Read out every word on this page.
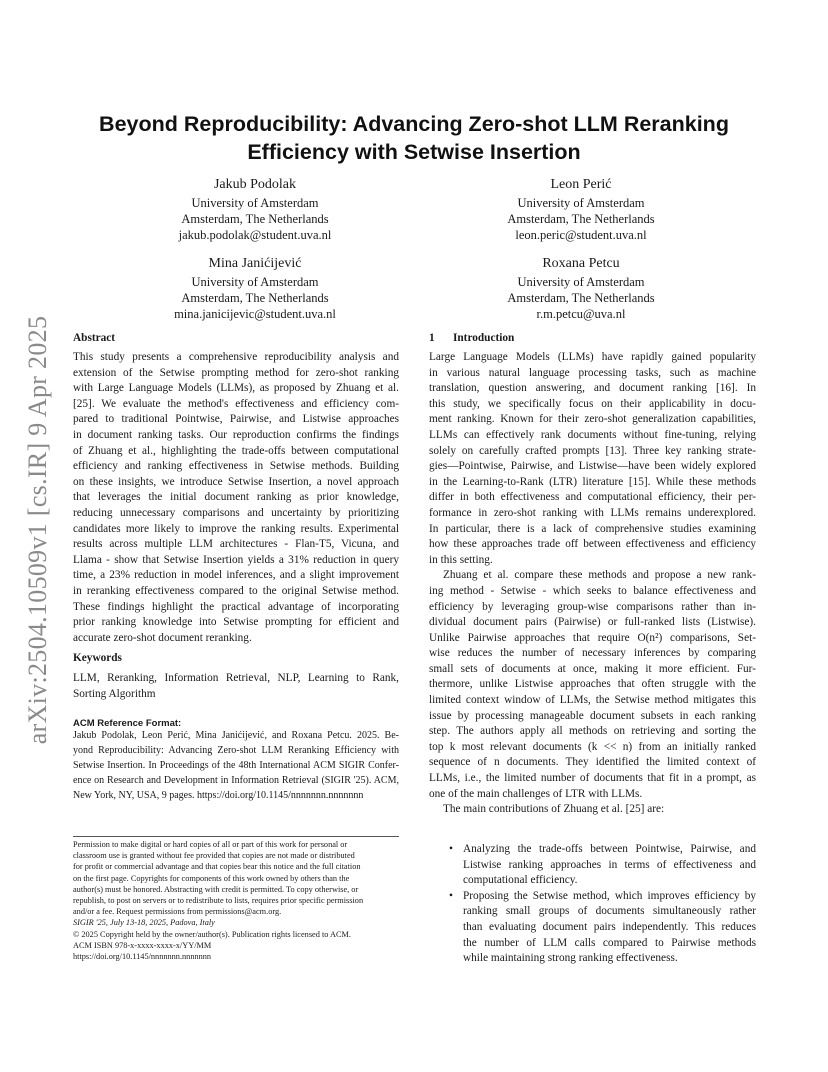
arXiv:2504.10509v1 [cs.IR] 9 Apr 2025
Beyond Reproducibility: Advancing Zero-shot LLM Reranking
Efficiency with Setwise Insertion
Jakub Podolak
University of Amsterdam
Amsterdam, The Netherlands
jakub.podolak@student.uva.nl
Leon Perić
University of Amsterdam
Amsterdam, The Netherlands
leon.peric@student.uva.nl
Mina Janićijević
University of Amsterdam
Amsterdam, The Netherlands
mina.janicijevic@student.uva.nl
Roxana Petcu
University of Amsterdam
Amsterdam, The Netherlands
r.m.petcu@uva.nl
Abstract
This study presents a comprehensive reproducibility analysis and
extension of the Setwise prompting method for zero-shot ranking
with Large Language Models (LLMs), as proposed by Zhuang et al.
[25]. We evaluate the method's effectiveness and efficiency com-
pared to traditional Pointwise, Pairwise, and Listwise approaches
in document ranking tasks. Our reproduction confirms the findings
of Zhuang et al., highlighting the trade-offs between computational
efficiency and ranking effectiveness in Setwise methods. Building
on these insights, we introduce Setwise Insertion, a novel approach
that leverages the initial document ranking as prior knowledge,
reducing unnecessary comparisons and uncertainty by prioritizing
candidates more likely to improve the ranking results. Experimental
results across multiple LLM architectures - Flan-T5, Vicuna, and
Llama - show that Setwise Insertion yields a 31% reduction in query
time, a 23% reduction in model inferences, and a slight improvement
in reranking effectiveness compared to the original Setwise method.
These findings highlight the practical advantage of incorporating
prior ranking knowledge into Setwise prompting for efficient and
accurate zero-shot document reranking.
Keywords
LLM, Reranking, Information Retrieval, NLP, Learning to Rank,
Sorting Algorithm
ACM Reference Format:
Jakub Podolak, Leon Perić, Mina Janićijević, and Roxana Petcu. 2025. Be-
yond Reproducibility: Advancing Zero-shot LLM Reranking Efficiency with
Setwise Insertion. In Proceedings of the 48th International ACM SIGIR Confer-
ence on Research and Development in Information Retrieval (SIGIR '25). ACM,
New York, NY, USA, 9 pages. https://doi.org/10.1145/nnnnnnn.nnnnnnn
Permission to make digital or hard copies of all or part of this work for personal or
classroom use is granted without fee provided that copies are not made or distributed
for profit or commercial advantage and that copies bear this notice and the full citation
on the first page. Copyrights for components of this work owned by others than the
author(s) must be honored. Abstracting with credit is permitted. To copy otherwise, or
republish, to post on servers or to redistribute to lists, requires prior specific permission
and/or a fee. Request permissions from permissions@acm.org.
SIGIR '25, July 13-18, 2025, Padova, Italy
© 2025 Copyright held by the owner/author(s). Publication rights licensed to ACM.
ACM ISBN 978-x-xxxx-xxxx-x/YY/MM
https://doi.org/10.1145/nnnnnnn.nnnnnnn
1 Introduction
Large Language Models (LLMs) have rapidly gained popularity
in various natural language processing tasks, such as machine
translation, question answering, and document ranking [16]. In
this study, we specifically focus on their applicability in docu-
ment ranking. Known for their zero-shot generalization capabilities,
LLMs can effectively rank documents without fine-tuning, relying
solely on carefully crafted prompts [13]. Three key ranking strate-
gies—Pointwise, Pairwise, and Listwise—have been widely explored
in the Learning-to-Rank (LTR) literature [15]. While these methods
differ in both effectiveness and computational efficiency, their per-
formance in zero-shot ranking with LLMs remains underexplored.
In particular, there is a lack of comprehensive studies examining
how these approaches trade off between effectiveness and efficiency
in this setting.
Zhuang et al. compare these methods and propose a new rank-
ing method - Setwise - which seeks to balance effectiveness and
efficiency by leveraging group-wise comparisons rather than in-
dividual document pairs (Pairwise) or full-ranked lists (Listwise).
Unlike Pairwise approaches that require O(n²) comparisons, Set-
wise reduces the number of necessary inferences by comparing
small sets of documents at once, making it more efficient. Fur-
thermore, unlike Listwise approaches that often struggle with the
limited context window of LLMs, the Setwise method mitigates this
issue by processing manageable document subsets in each ranking
step. The authors apply all methods on retrieving and sorting the
top k most relevant documents (k << n) from an initially ranked
sequence of n documents. They identified the limited context of
LLMs, i.e., the limited number of documents that fit in a prompt, as
one of the main challenges of LTR with LLMs.
The main contributions of Zhuang et al. [25] are:
• Analyzing the trade-offs between Pointwise, Pairwise, and
Listwise ranking approaches in terms of effectiveness and
computational efficiency.
• Proposing the Setwise method, which improves efficiency by
ranking small groups of documents simultaneously rather
than evaluating document pairs independently. This reduces
the number of LLM calls compared to Pairwise methods
while maintaining strong ranking effectiveness.
